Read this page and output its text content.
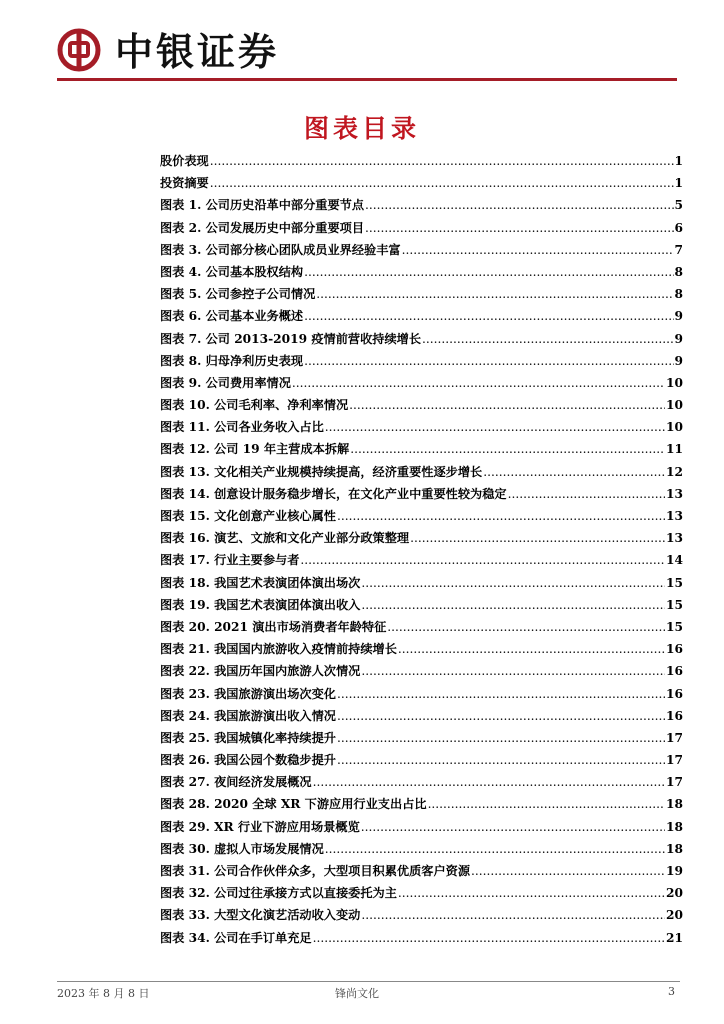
中银证券
图表目录
股价表现 .....	1
投资摘要 .....	1
图表 1. 公司历史沿革中部分重要节点 .....	5
图表 2. 公司发展历史中部分重要项目 .....	6
图表 3. 公司部分核心团队成员业界经验丰富 .....	7
图表 4. 公司基本股权结构 .....	8
图表 5. 公司参控子公司情况 .....	8
图表 6. 公司基本业务概述 .....	9
图表 7. 公司 2013-2019 疫情前营收持续增长 .....	9
图表 8. 归母净利历史表现 .....	9
图表 9. 公司费用率情况 .....	10
图表 10. 公司毛利率、净利率情况 .....	10
图表 11. 公司各业务收入占比 .....	10
图表 12. 公司 19 年主营成本拆解 .....	11
图表 13. 文化相关产业规模持续提高，经济重要性逐步增长 .....	12
图表 14. 创意设计服务稳步增长，在文化产业中重要性较为稳定 .....	13
图表 15. 文化创意产业核心属性 .....	13
图表 16. 演艺、文旅和文化产业部分政策整理 .....	13
图表 17. 行业主要参与者 .....	14
图表 18. 我国艺术表演团体演出场次 .....	15
图表 19. 我国艺术表演团体演出收入 .....	15
图表 20. 2021 演出市场消费者年龄特征 .....	15
图表 21. 我国国内旅游收入疫情前持续增长 .....	16
图表 22. 我国历年国内旅游人次情况 .....	16
图表 23. 我国旅游演出场次变化 .....	16
图表 24. 我国旅游演出收入情况 .....	16
图表 25. 我国城镇化率持续提升 .....	17
图表 26. 我国公园个数稳步提升 .....	17
图表 27. 夜间经济发展概况 .....	17
图表 28. 2020 全球 XR 下游应用行业支出占比 .....	18
图表 29. XR 行业下游应用场景概览 .....	18
图表 30. 虚拟人市场发展情况 .....	18
图表 31. 公司合作伙伴众多，大型项目积累优质客户资源 .....	19
图表 32. 公司过往承接方式以直接委托为主 .....	20
图表 33. 大型文化演艺活动收入变动 .....	20
图表 34. 公司在手订单充足 .....	21
2023 年 8 月 8 日	锋尚文化	3
